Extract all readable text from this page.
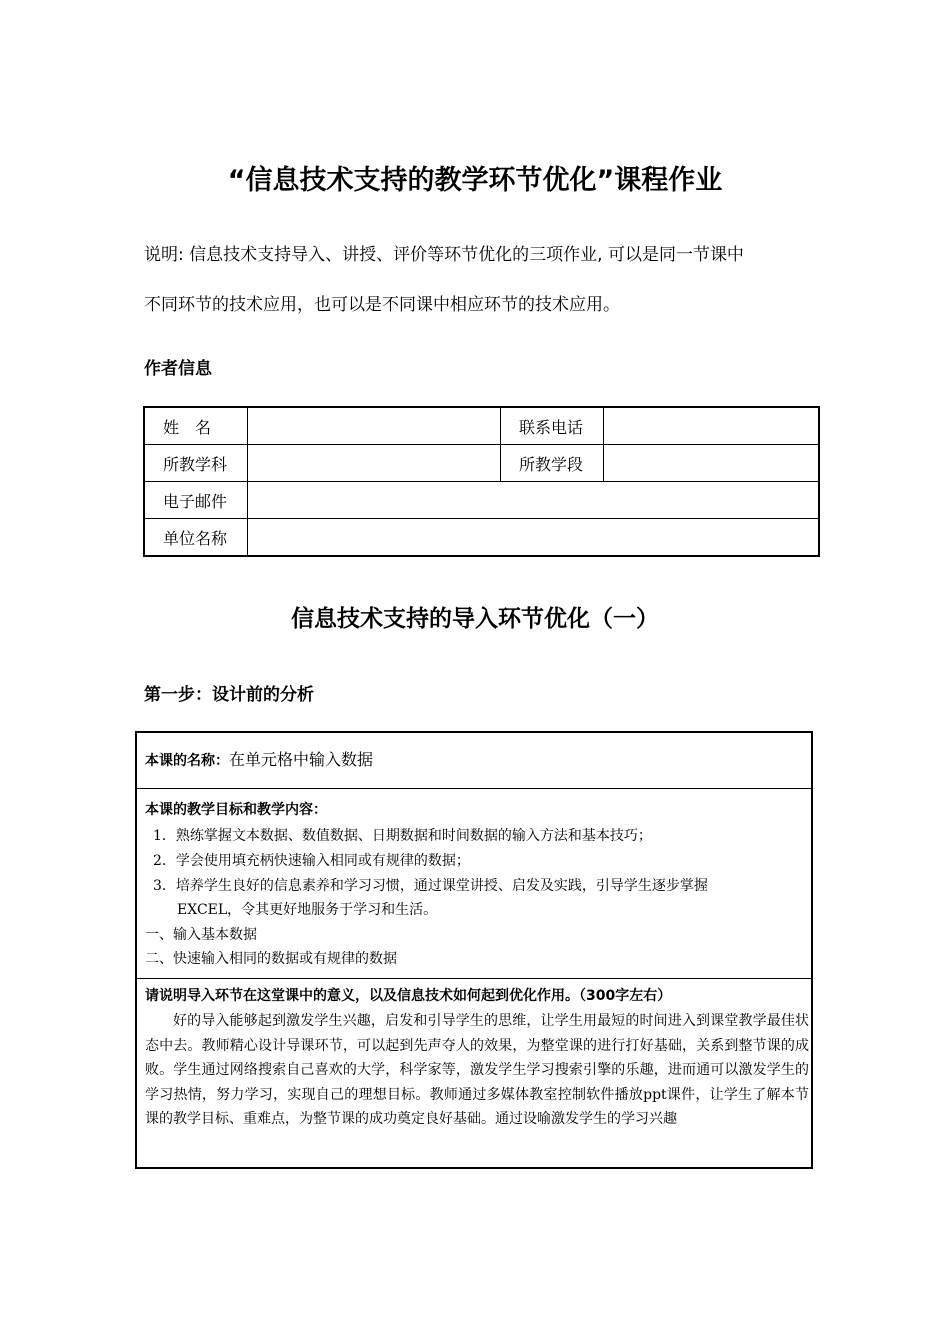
“信息技术支持的教学环节优化”课程作业
说明: 信息技术支持导入、讲授、评价等环节优化的三项作业, 可以是同一节课中
不同环节的技术应用，也可以是不同课中相应环节的技术应用。
作者信息
姓　名		联系电话	
所教学科		所教学段	
电子邮件			
单位名称			
信息技术支持的导入环节优化（一）
第一步：设计前的分析
本课的名称：在单元格中输入数据
本课的教学目标和教学内容：
1．熟练掌握文本数据、数值数据、日期数据和时间数据的输入方法和基本技巧；
2．学会使用填充柄快速输入相同或有规律的数据；
3．培养学生良好的信息素养和学习习惯，通过课堂讲授、启发及实践，引导学生逐步掌握
EXCEL，令其更好地服务于学习和生活。
一、输入基本数据
二、快速输入相同的数据或有规律的数据
请说明导入环节在这堂课中的意义，以及信息技术如何起到优化作用。（300字左右）
好的导入能够起到激发学生兴趣，启发和引导学生的思维，让学生用最短的时间进入到课堂教学最佳状态中去。教师精心设计导课环节，可以起到先声夺人的效果，为整堂课的进行打好基础，关系到整节课的成败。学生通过网络搜索自己喜欢的大学，科学家等，激发学生学习搜索引擎的乐趣，进而通可以激发学生的学习热情，努力学习，实现自己的理想目标。教师通过多媒体教室控制软件播放ppt课件，让学生了解本节课的教学目标、重难点，为整节课的成功奠定良好基础。通过设喻激发学生的学习兴趣
